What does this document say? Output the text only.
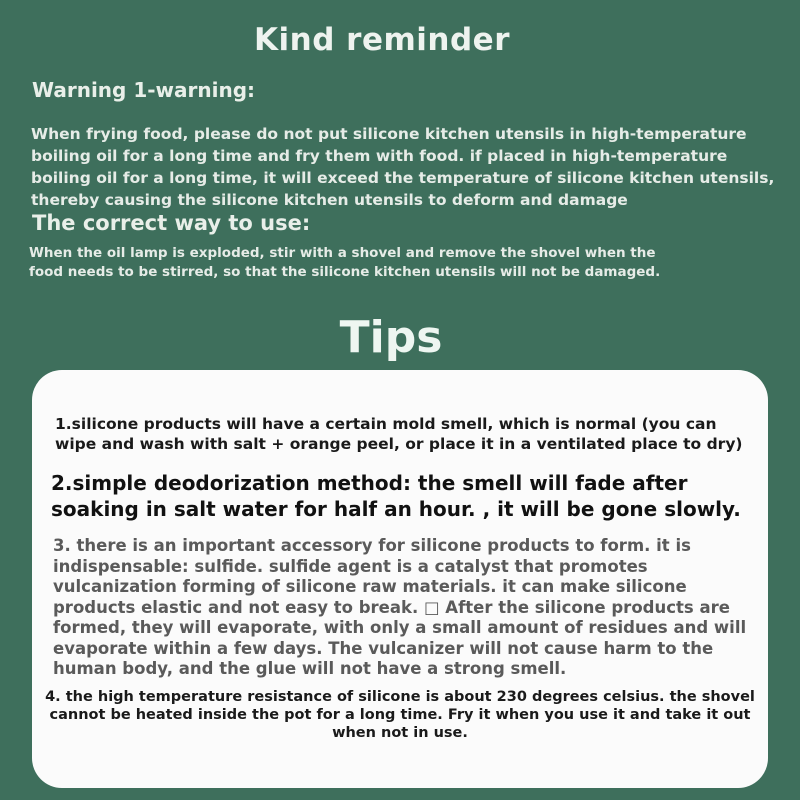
Kind reminder
Warning 1-warning:

When frying food, please do not put silicone kitchen utensils in high-temperature boiling oil for a long time and fry them with food. if placed in high-temperature boiling oil for a long time, it will exceed the temperature of silicone kitchen utensils, thereby causing the silicone kitchen utensils to deform and damage

The correct way to use:

When the oil lamp is exploded, stir with a shovel and remove the shovel when the food needs to be stirred, so that the silicone kitchen utensils will not be damaged.

Tips

1.silicone products will have a certain mold smell, which is normal (you can wipe and wash with salt + orange peel, or place it in a ventilated place to dry)

2.simple deodorization method: the smell will fade after soaking in salt water for half an hour. , it will be gone slowly.

3. there is an important accessory for silicone products to form. it is indispensable: sulfide. sulfide agent is a catalyst that promotes vulcanization forming of silicone raw materials. it can make silicone products elastic and not easy to break. □ After the silicone products are formed, they will evaporate, with only a small amount of residues and will evaporate within a few days. The vulcanizer will not cause harm to the human body, and the glue will not have a strong smell.

4. the high temperature resistance of silicone is about 230 degrees celsius. the shovel cannot be heated inside the pot for a long time. Fry it when you use it and take it out when not in use.
